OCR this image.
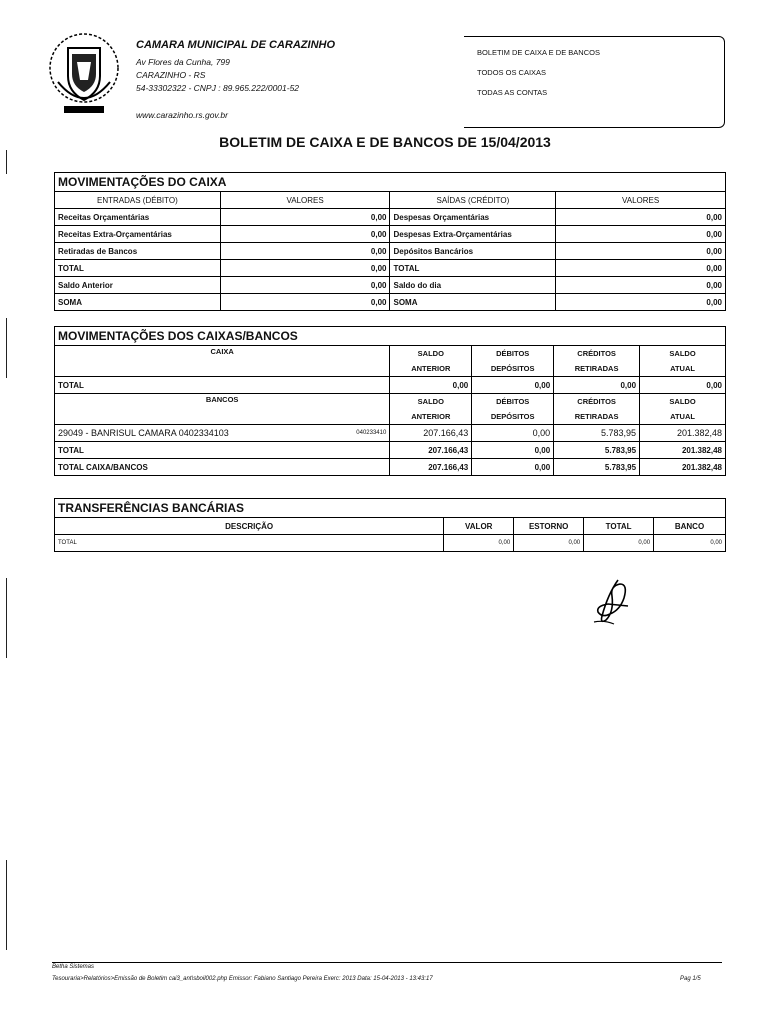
CAMARA MUNICIPAL DE CARAZINHO
Av Flores da Cunha, 799
CARAZINHO - RS
54-33302322 - CNPJ : 89.965.222/0001-52
www.carazinho.rs.gov.br
BOLETIM DE CAIXA E DE BANCOS
TODOS OS CAIXAS
TODAS AS CONTAS
BOLETIM DE CAIXA E DE BANCOS DE 15/04/2013
MOVIMENTAÇÕES DO CAIXA			
ENTRADAS (DÉBITO)	VALORES	SAÍDAS (CRÉDITO)	VALORES
Receitas Orçamentárias	0,00	Despesas Orçamentárias	0,00
Receitas Extra-Orçamentárias	0,00	Despesas Extra-Orçamentárias	0,00
Retiradas de Bancos	0,00	Depósitos Bancários	0,00
TOTAL	0,00	TOTAL	0,00
Saldo Anterior	0,00	Saldo do dia	0,00
SOMA	0,00	SOMA	0,00
MOVIMENTAÇÕES DOS CAIXAS/BANCOS				
CAIXA	SALDO	DÉBITOS	CRÉDITOS	SALDO
	ANTERIOR	DEPÓSITOS	RETIRADAS	ATUAL
TOTAL	0,00	0,00	0,00	0,00
BANCOS	SALDO	DÉBITOS	CRÉDITOS	SALDO
	ANTERIOR	DEPÓSITOS	RETIRADAS	ATUAL
29049 - BANRISUL CAMARA 0402334103 040233410	207.166,43	0,00	5.783,95	201.382,48
TOTAL	207.166,43	0,00	5.783,95	201.382,48
TOTAL CAIXA/BANCOS	207.166,43	0,00	5.783,95	201.382,48
TRANSFERÊNCIAS BANCÁRIAS				
DESCRIÇÃO	VALOR	ESTORNO	TOTAL	BANCO
TOTAL	0,00	0,00	0,00	0,00
Betha Sistemas
Tesouraria>Relatórios>Emissão de Boletim cai3_ant\sboil002.php Emissor: Fabiano Santiago Pereira Exerc: 2013 Data: 15-04-2013 - 13:43:17	Pag 1/5
